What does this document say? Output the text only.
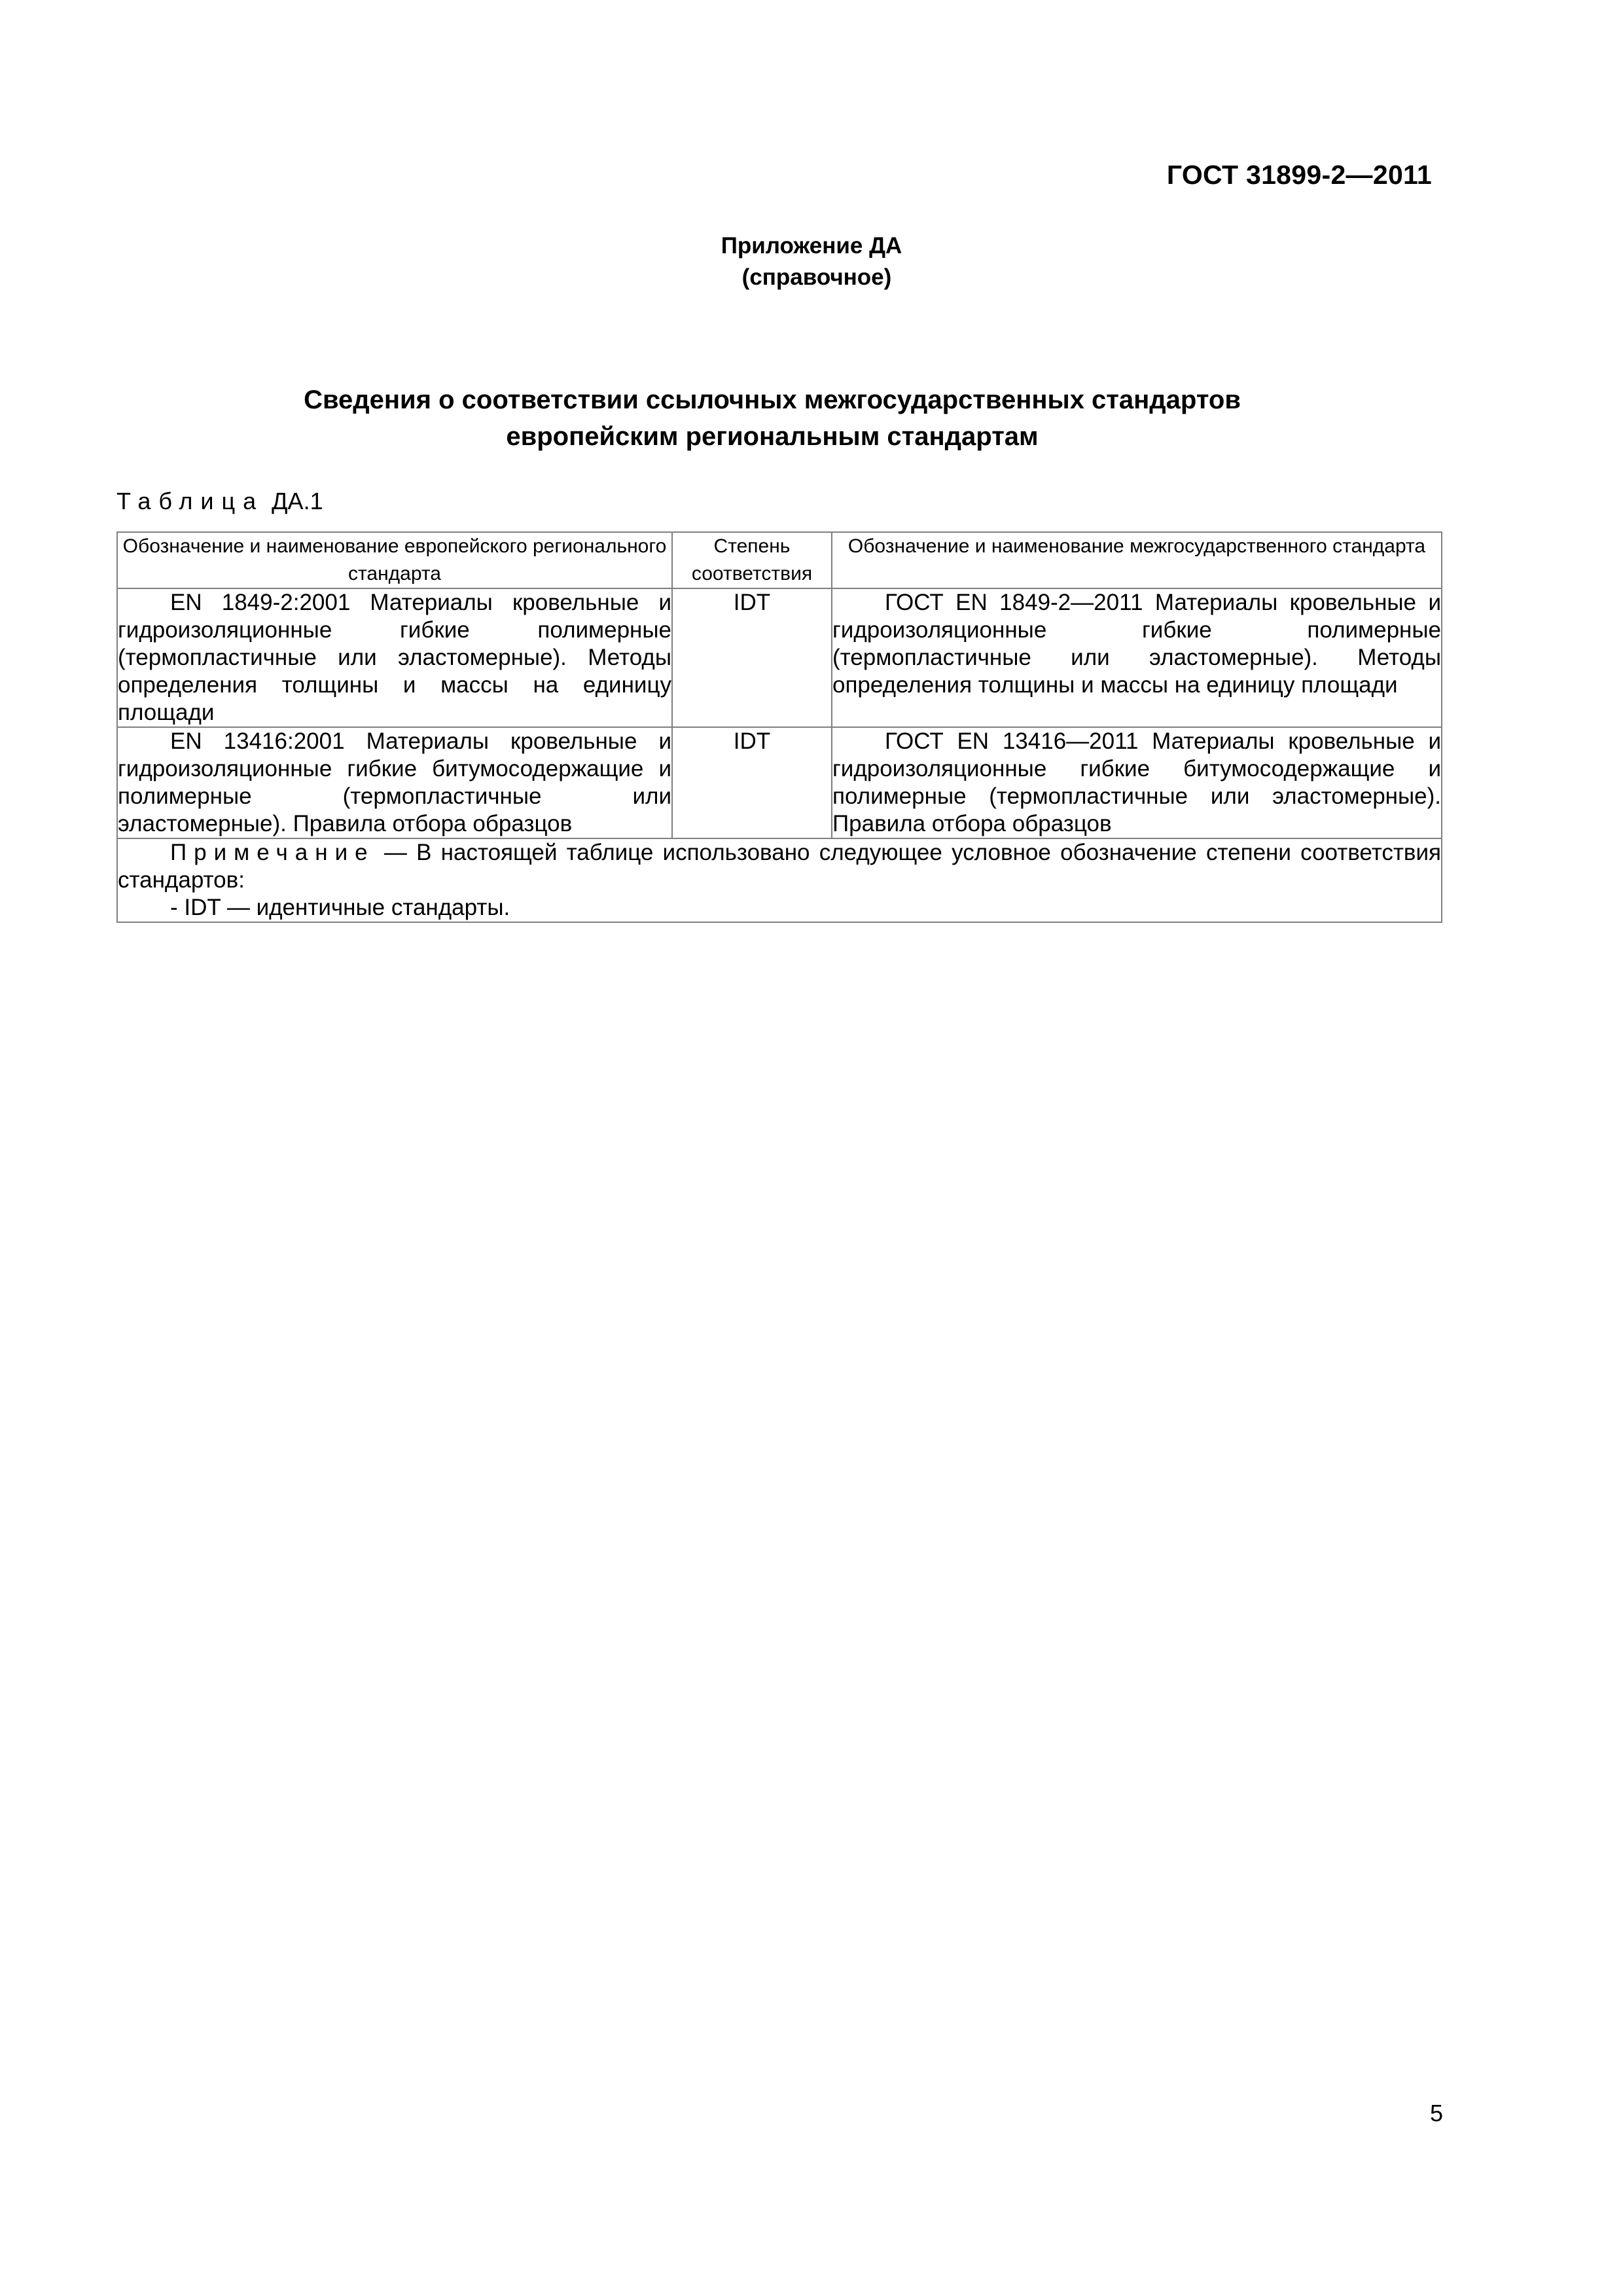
ГОСТ 31899-2—2011
Приложение ДА
(справочное)
Сведения о соответствии ссылочных межгосударственных стандартов
европейским региональным стандартам
Таблица ДА.1
Обозначение и наименование европейского регионального стандарта	Степень соответствия	Обозначение и наименование межгосударственного стандарта
EN 1849-2:2001 Материалы кровельные и гидроизоляционные гибкие полимерные (термопластичные или эластомерные). Методы определения толщины и массы на единицу площади	IDT	ГОСТ EN 1849-2—2011 Материалы кровельные и гидроизоляционные гибкие полимерные (термопластичные или эластомерные). Методы определения толщины и массы на единицу площади
EN 13416:2001 Материалы кровельные и гидроизоляционные гибкие битумосодержащие и полимерные (термопластичные или эластомерные). Правила отбора образцов	IDT	ГОСТ EN 13416—2011 Материалы кровельные и гидроизоляционные гибкие битумосодержащие и полимерные (термопластичные или эластомерные). Правила отбора образцов

Примечание — В настоящей таблице использовано следующее условное обозначение степени соответствия стандартов:
- IDT — идентичные стандарты.		
5
